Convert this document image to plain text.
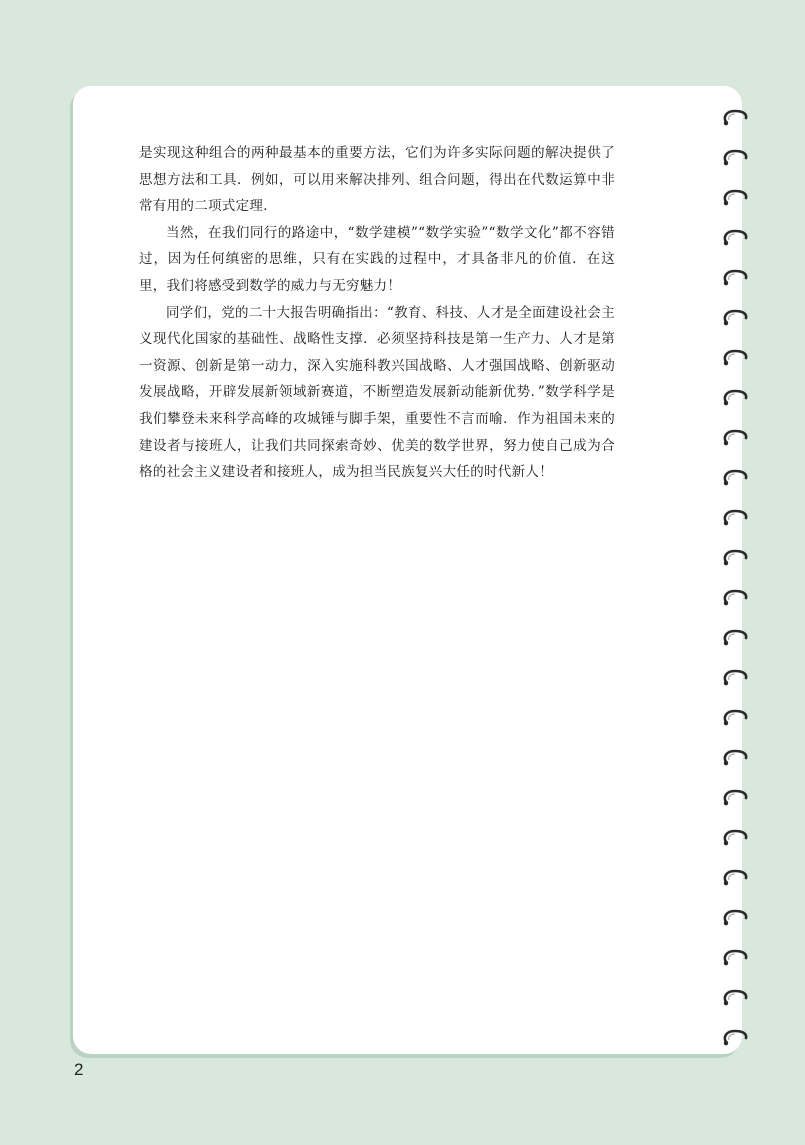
是实现这种组合的两种最基本的重要方法，它们为许多实际问题的解决提供了思想方法和工具．例如，可以用来解决排列、组合问题，得出在代数运算中非常有用的二项式定理．

当然，在我们同行的路途中，“数学建模”“数学实验”“数学文化”都不容错过，因为任何缜密的思维，只有在实践的过程中，才具备非凡的价值．在这里，我们将感受到数学的威力与无穷魅力！

同学们，党的二十大报告明确指出：“教育、科技、人才是全面建设社会主义现代化国家的基础性、战略性支撑．必须坚持科技是第一生产力、人才是第一资源、创新是第一动力，深入实施科教兴国战略、人才强国战略、创新驱动发展战略，开辟发展新领域新赛道，不断塑造发展新动能新优势．”数学科学是我们攀登未来科学高峰的攻城锤与脚手架，重要性不言而喻．作为祖国未来的建设者与接班人，让我们共同探索奇妙、优美的数学世界，努力使自己成为合格的社会主义建设者和接班人，成为担当民族复兴大任的时代新人！

2
